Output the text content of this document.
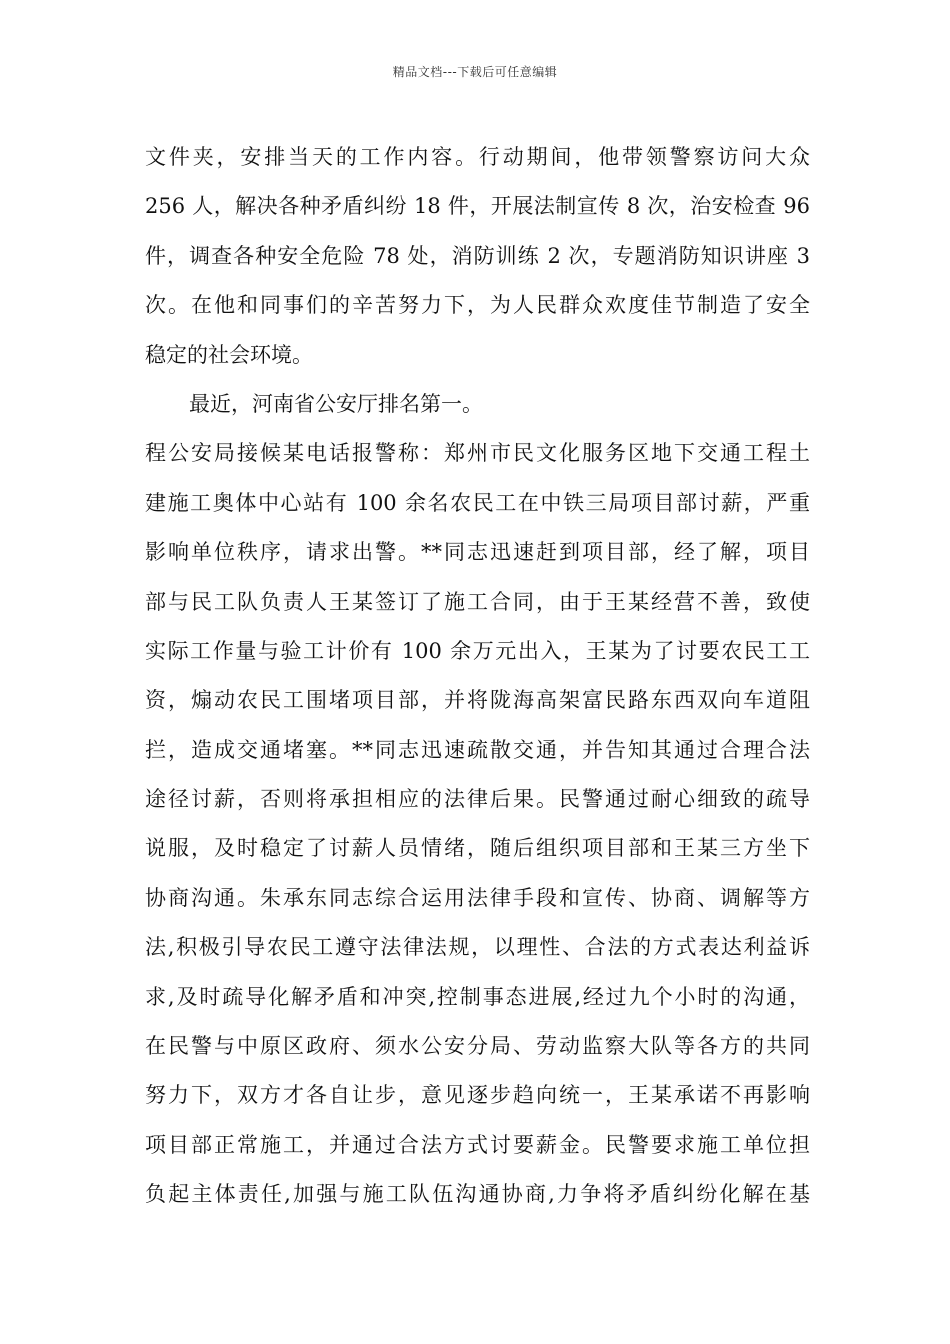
精品文档---下载后可任意编辑
文件夹，安排当天的工作内容。行动期间，他带领警察访问大众
256 人，解决各种矛盾纠纷 18 件，开展法制宣传 8 次，治安检查 96
件，调查各种安全危险 78 处，消防训练 2 次，专题消防知识讲座 3
次。在他和同事们的辛苦努力下，为人民群众欢度佳节制造了安全
稳定的社会环境。
最近，河南省公安厅排名第一。
程公安局接候某电话报警称：郑州市民文化服务区地下交通工程土
建施工奥体中心站有 100 余名农民工在中铁三局项目部讨薪，严重
影响单位秩序，请求出警。**同志迅速赶到项目部，经了解，项目
部与民工队负责人王某签订了施工合同，由于王某经营不善，致使
实际工作量与验工计价有 100 余万元出入，王某为了讨要农民工工
资，煽动农民工围堵项目部，并将陇海高架富民路东西双向车道阻
拦，造成交通堵塞。**同志迅速疏散交通，并告知其通过合理合法
途径讨薪，否则将承担相应的法律后果。民警通过耐心细致的疏导
说服，及时稳定了讨薪人员情绪，随后组织项目部和王某三方坐下
协商沟通。朱承东同志综合运用法律手段和宣传、协商、调解等方
法,积极引导农民工遵守法律法规，以理性、合法的方式表达利益诉
求,及时疏导化解矛盾和冲突,控制事态进展,经过九个小时的沟通，
在民警与中原区政府、须水公安分局、劳动监察大队等各方的共同
努力下，双方才各自让步，意见逐步趋向统一，王某承诺不再影响
项目部正常施工，并通过合法方式讨要薪金。民警要求施工单位担
负起主体责任,加强与施工队伍沟通协商,力争将矛盾纠纷化解在基
